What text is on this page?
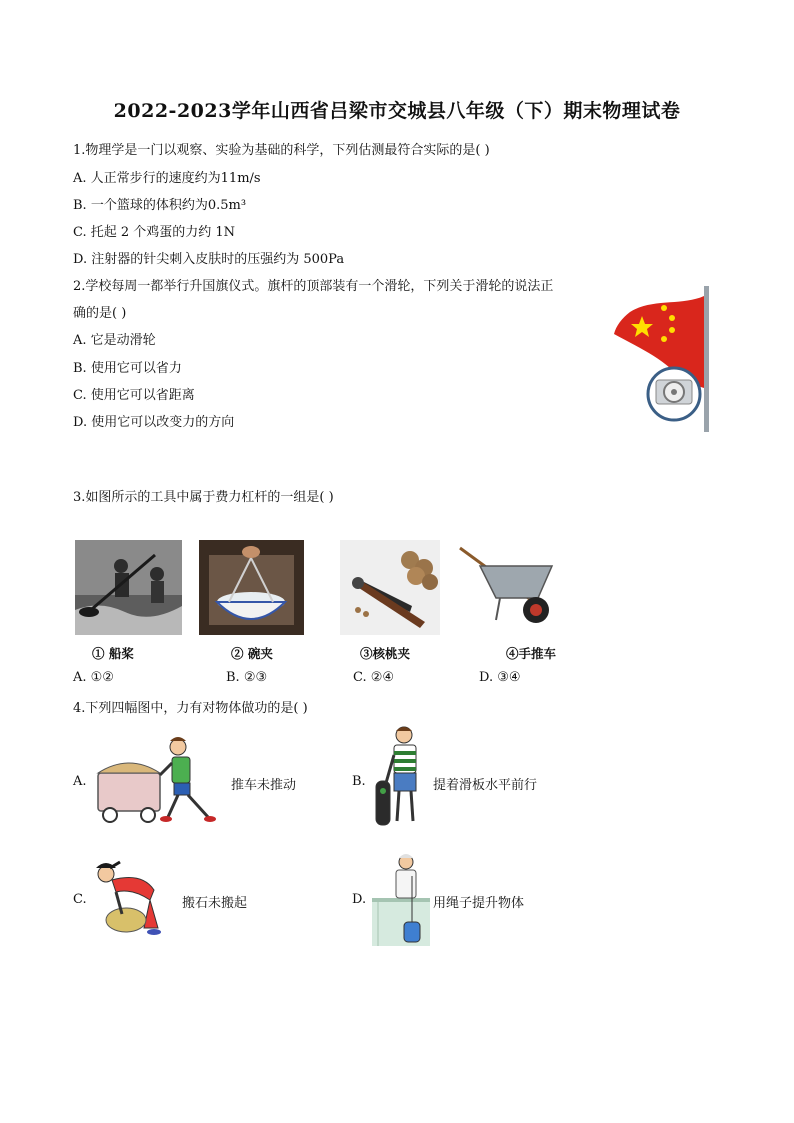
2022-2023学年山西省吕梁市交城县八年级（下）期末物理试卷
1.物理学是一门以观察、实验为基础的科学，下列估测最符合实际的是( )
A. 人正常步行的速度约为11m/s
B. 一个篮球的体积约为0.5m³
C. 托起 2 个鸡蛋的力约 1N
D. 注射器的针尖刺入皮肤时的压强约为 500Pa
2.学校每周一都举行升国旗仪式。旗杆的顶部装有一个滑轮，下列关于滑轮的说法正
确的是( )
A. 它是动滑轮
B. 使用它可以省力
C. 使用它可以省距离
D. 使用它可以改变力的方向
3.如图所示的工具中属于费力杠杆的一组是( )
① 船桨	② 碗夹	③核桃夹	④手推车
A. ①②	B. ②③	C. ②④	D. ③④
4.下列四幅图中，力有对物体做功的是( )
A.	推车未推动	B.	提着滑板水平前行
C.	搬石未搬起	D.	用绳子提升物体
